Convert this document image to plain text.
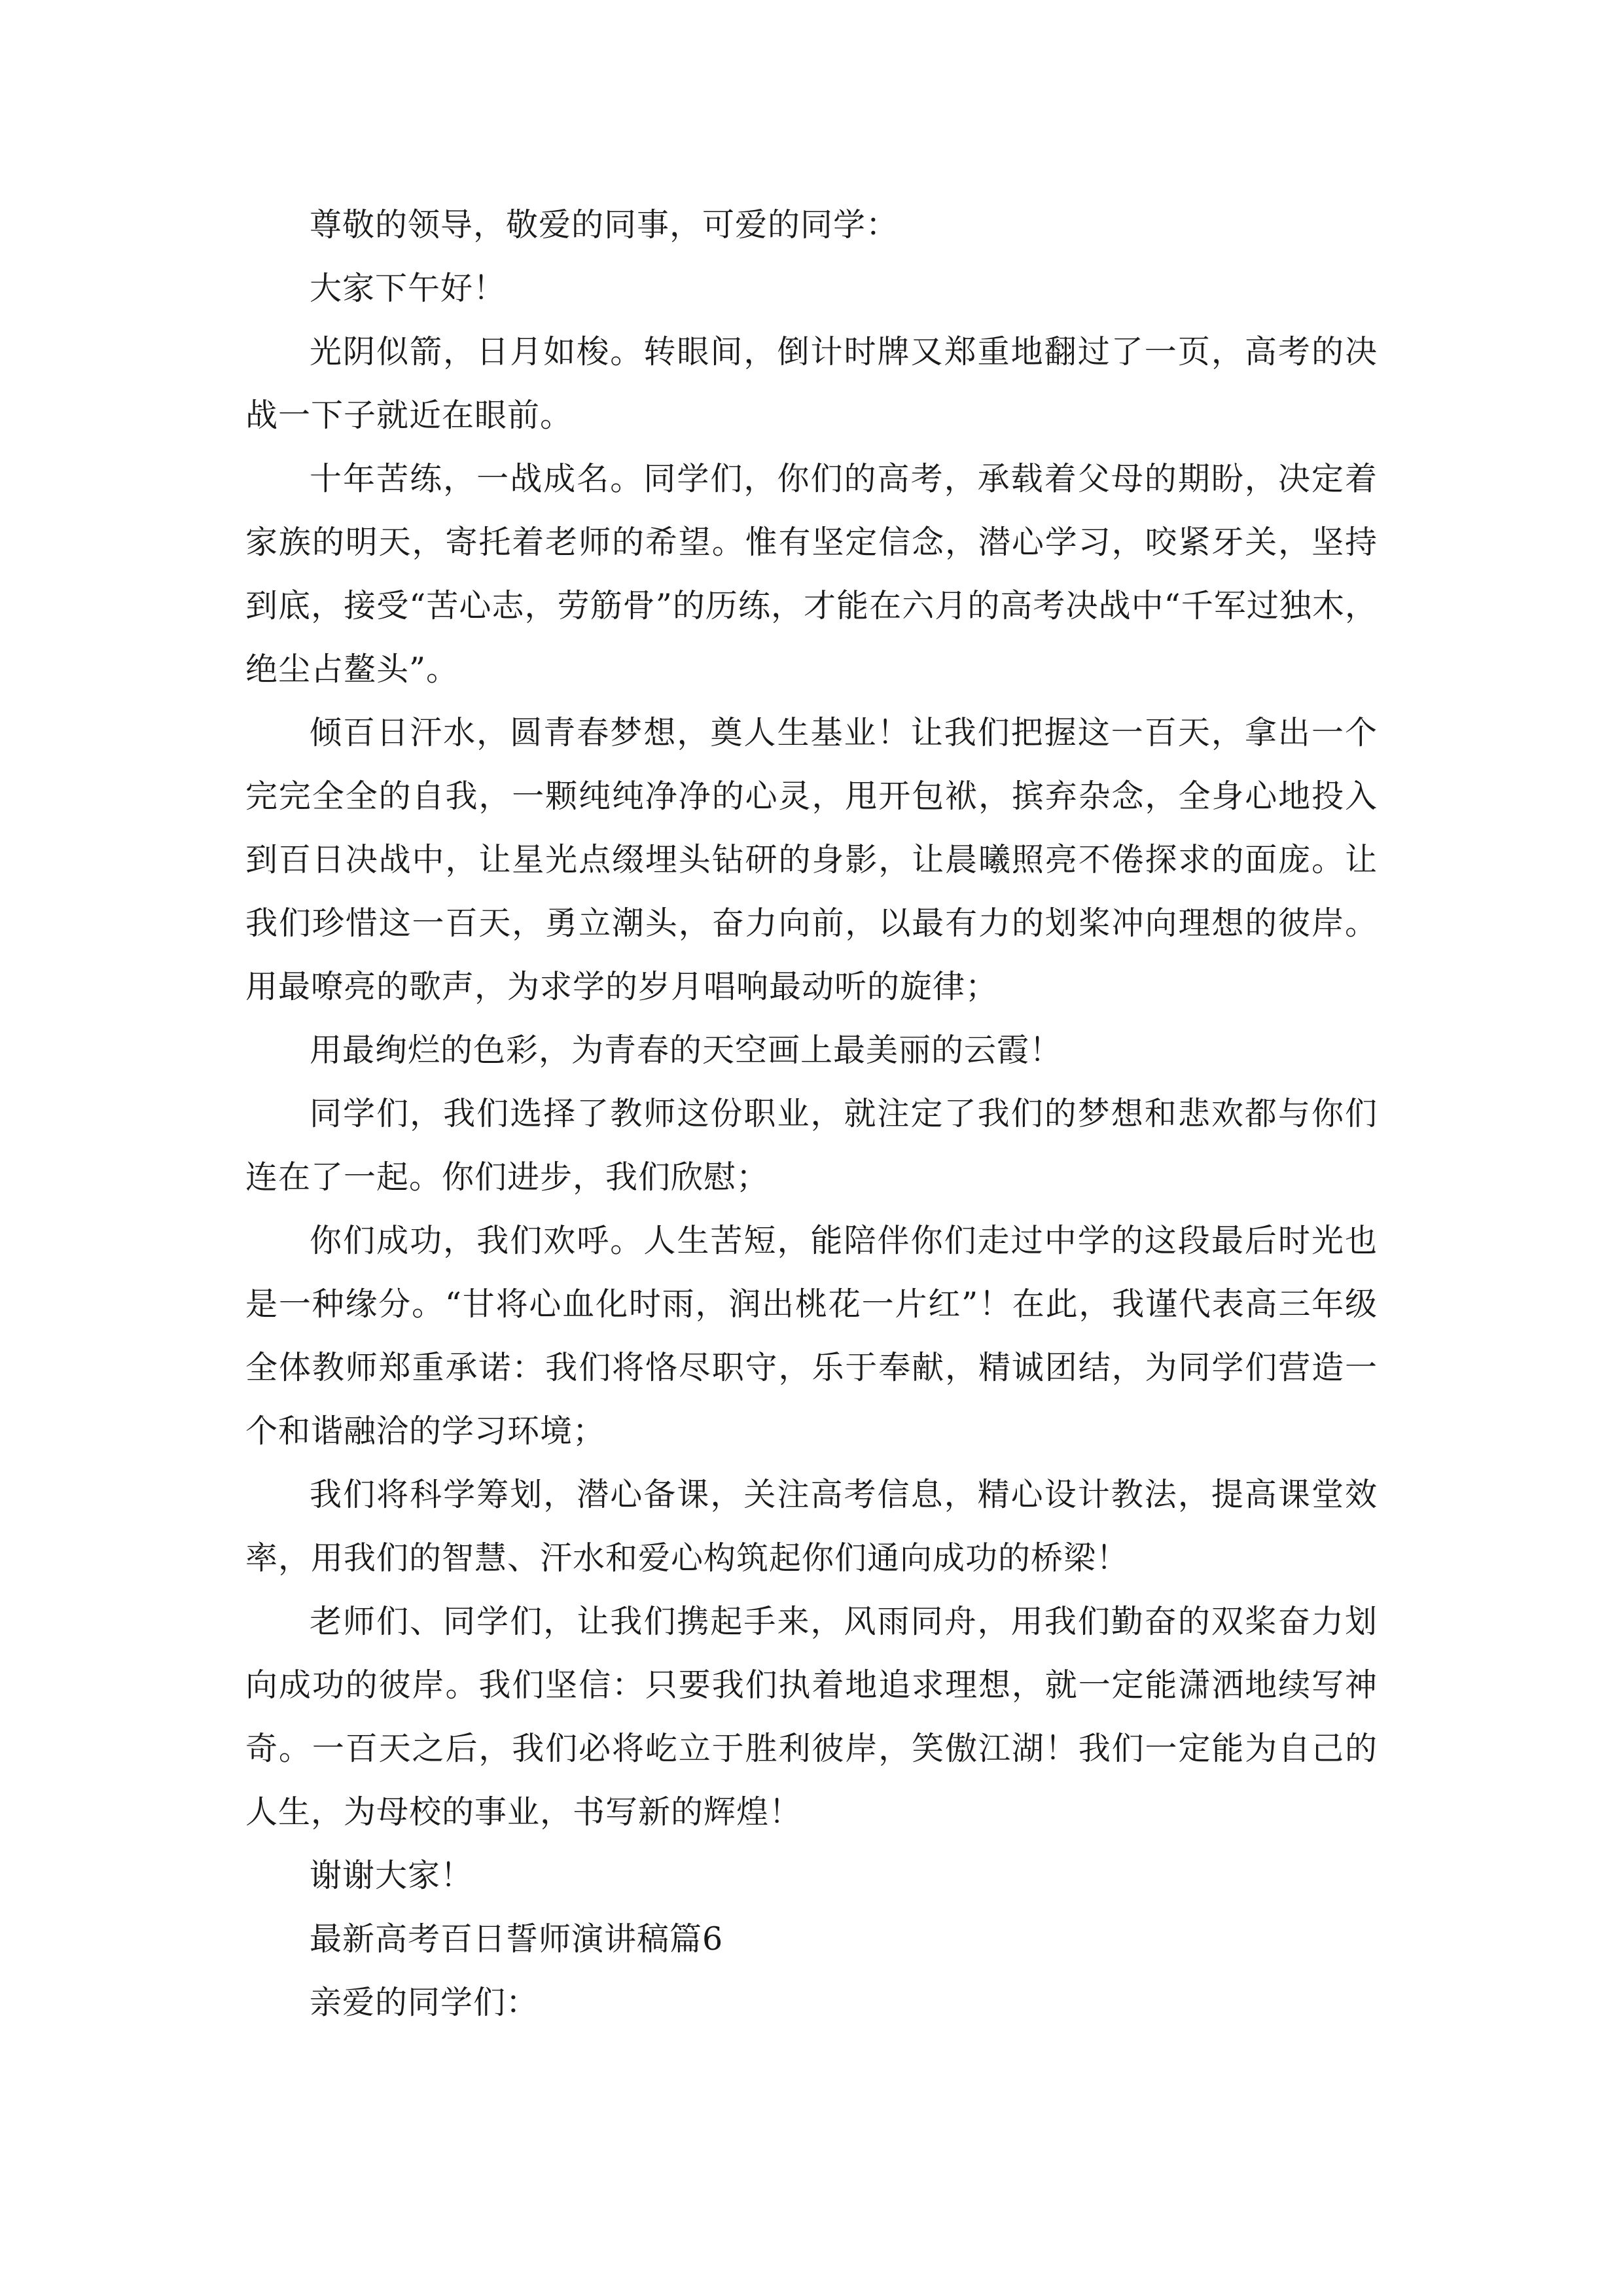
尊敬的领导，敬爱的同事，可爱的同学：

大家下午好！

光阴似箭，日月如梭。转眼间，倒计时牌又郑重地翻过了一页，高考的决战一下子就近在眼前。

十年苦练，一战成名。同学们，你们的高考，承载着父母的期盼，决定着家族的明天，寄托着老师的希望。惟有坚定信念，潜心学习，咬紧牙关，坚持到底，接受“苦心志，劳筋骨”的历练，才能在六月的高考决战中“千军过独木，绝尘占鳌头”。

倾百日汗水，圆青春梦想，奠人生基业！让我们把握这一百天，拿出一个完完全全的自我，一颗纯纯净净的心灵，甩开包袱，摈弃杂念，全身心地投入到百日决战中，让星光点缀埋头钻研的身影，让晨曦照亮不倦探求的面庞。让我们珍惜这一百天，勇立潮头，奋力向前，以最有力的划桨冲向理想的彼岸。用最嘹亮的歌声，为求学的岁月唱响最动听的旋律；

用最绚烂的色彩，为青春的天空画上最美丽的云霞！

同学们，我们选择了教师这份职业，就注定了我们的梦想和悲欢都与你们连在了一起。你们进步，我们欣慰；

你们成功，我们欢呼。人生苦短，能陪伴你们走过中学的这段最后时光也是一种缘分。“甘将心血化时雨，润出桃花一片红”！在此，我谨代表高三年级全体教师郑重承诺：我们将恪尽职守，乐于奉献，精诚团结，为同学们营造一个和谐融洽的学习环境；

我们将科学筹划，潜心备课，关注高考信息，精心设计教法，提高课堂效率，用我们的智慧、汗水和爱心构筑起你们通向成功的桥梁！

老师们、同学们，让我们携起手来，风雨同舟，用我们勤奋的双桨奋力划向成功的彼岸。我们坚信：只要我们执着地追求理想，就一定能潇洒地续写神奇。一百天之后，我们必将屹立于胜利彼岸，笑傲江湖！我们一定能为自己的人生，为母校的事业，书写新的辉煌！

谢谢大家！

最新高考百日誓师演讲稿篇6

亲爱的同学们：
